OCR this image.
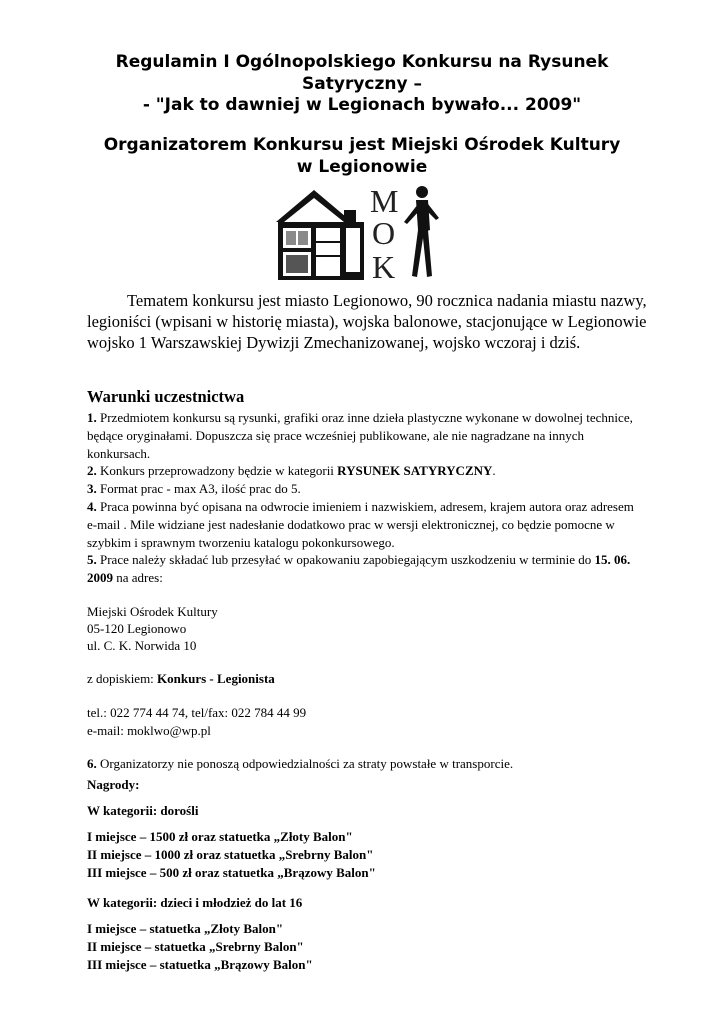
Regulamin I Ogólnopolskiego Konkursu na Rysunek
Satyryczny –
- "Jak to dawniej w Legionach bywało... 2009"
Organizatorem Konkursu jest Miejski Ośrodek Kultury
w Legionowie
M
O
K
Tematem konkursu jest miasto Legionowo, 90 rocznica nadania miastu nazwy, legioniści (wpisani w historię miasta), wojska balonowe, stacjonujące w Legionowie wojsko 1 Warszawskiej Dywizji Zmechanizowanej, wojsko wczoraj i dziś.
Warunki uczestnictwa

1. Przedmiotem konkursu są rysunki, grafiki oraz inne dzieła plastyczne wykonane w dowolnej technice, będące oryginałami. Dopuszcza się prace wcześniej publikowane, ale nie nagradzane na innych konkursach.

2. Konkurs przeprowadzony będzie w kategorii RYSUNEK SATYRYCZNY.

3. Format prac - max A3, ilość prac do 5.

4. Praca powinna być opisana na odwrocie imieniem i nazwiskiem, adresem, krajem autora oraz adresem e-mail . Mile widziane jest nadesłanie dodatkowo prac w wersji elektronicznej, co będzie pomocne w szybkim i sprawnym tworzeniu katalogu pokonkursowego.

5. Prace należy składać lub przesyłać w opakowaniu zapobiegającym uszkodzeniu w terminie do 15. 06. 2009 na adres:

Miejski Ośrodek Kultury
05-120 Legionowo
ul. C. K. Norwida 10
z dopiskiem: Konkurs - Legionista
tel.: 022 774 44 74, tel/fax: 022 784 44 99
e-mail: moklwo@wp.pl

6. Organizatorzy nie ponoszą odpowiedzialności za straty powstałe w transporcie.

Nagrody:
W kategorii: dorośli
I miejsce – 1500 zł oraz statuetka „Złoty Balon"
II miejsce – 1000 zł oraz statuetka „Srebrny Balon"
III miejsce – 500 zł oraz statuetka „Brązowy Balon"
W kategorii: dzieci i młodzież do lat 16
I miejsce – statuetka „Złoty Balon"
II miejsce – statuetka „Srebrny Balon"
III miejsce – statuetka „Brązowy Balon"
